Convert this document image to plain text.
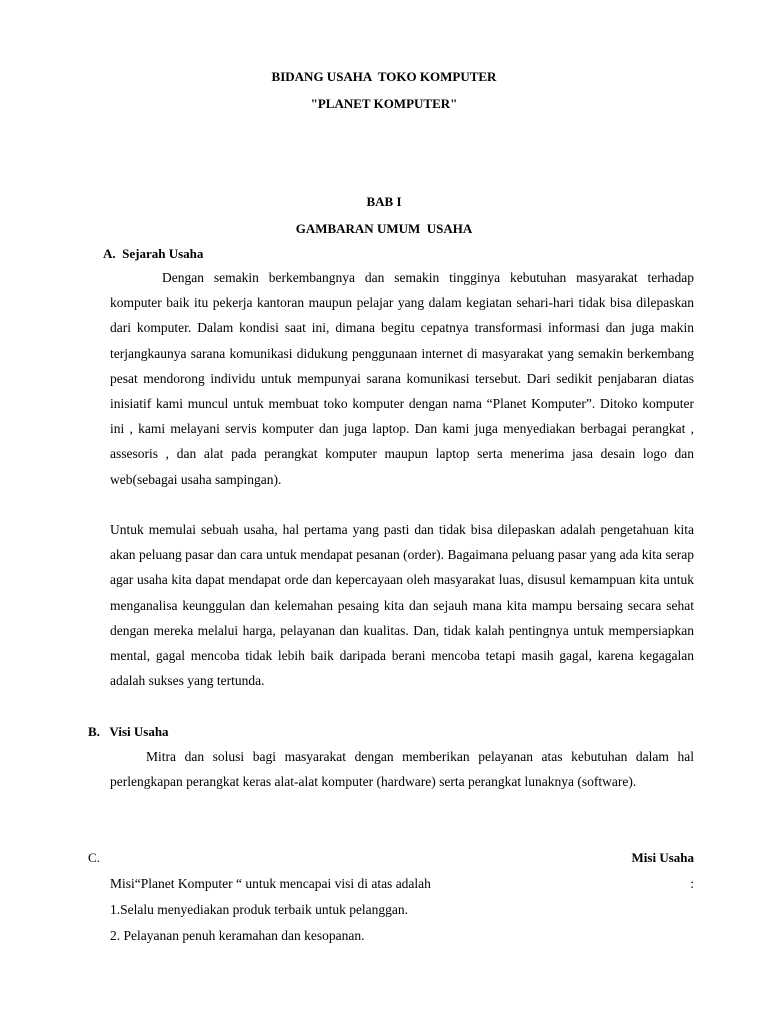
BIDANG USAHA  TOKO KOMPUTER
"PLANET KOMPUTER"
BAB I
GAMBARAN UMUM  USAHA
A.  Sejarah Usaha

Dengan semakin berkembangnya dan semakin tingginya kebutuhan masyarakat terhadap komputer baik itu pekerja kantoran maupun pelajar yang dalam kegiatan sehari-hari tidak bisa dilepaskan dari komputer. Dalam kondisi saat ini, dimana begitu cepatnya transformasi informasi dan juga makin terjangkaunya sarana komunikasi didukung penggunaan internet di masyarakat yang semakin berkembang pesat mendorong individu untuk mempunyai sarana komunikasi tersebut. Dari sedikit penjabaran diatas inisiatif kami muncul untuk membuat toko komputer dengan nama “Planet Komputer”. Ditoko komputer ini , kami melayani servis komputer dan juga laptop. Dan kami juga menyediakan berbagai perangkat , assesoris , dan alat pada perangkat komputer maupun laptop serta menerima jasa desain logo dan web(sebagai usaha sampingan).

Untuk memulai sebuah usaha, hal pertama yang pasti dan tidak bisa dilepaskan adalah pengetahuan kita akan peluang pasar dan cara untuk mendapat pesanan (order). Bagaimana peluang pasar yang ada kita serap agar usaha kita dapat mendapat orde dan kepercayaan oleh masyarakat luas, disusul kemampuan kita untuk menganalisa keunggulan dan kelemahan pesaing kita dan sejauh mana kita mampu bersaing secara sehat dengan mereka melalui harga, pelayanan dan kualitas. Dan, tidak kalah pentingnya untuk mempersiapkan mental, gagal mencoba tidak lebih baik daripada berani mencoba tetapi masih gagal, karena kegagalan adalah sukses yang tertunda.

B.   Visi Usaha

Mitra dan solusi bagi masyarakat dengan memberikan pelayanan atas kebutuhan dalam hal perlengkapan perangkat keras alat-alat komputer (hardware) serta perangkat lunaknya (software).

C.	Misi Usaha
Misi“Planet Komputer “ untuk mencapai visi di atas adalah	:
1.Selalu menyediakan produk terbaik untuk pelanggan.
2. Pelayanan penuh keramahan dan kesopanan.
